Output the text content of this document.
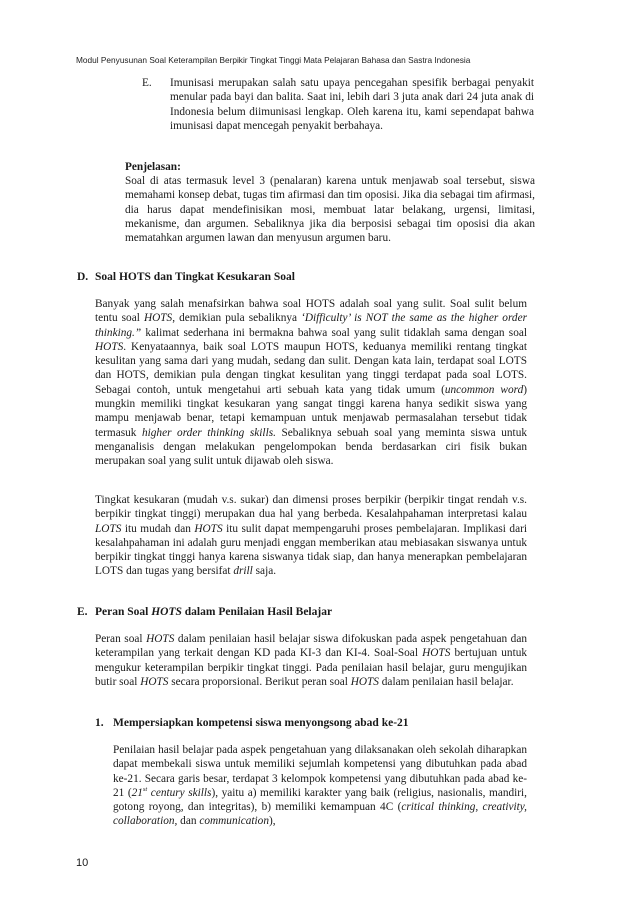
Modul Penyusunan Soal Keterampilan Berpikir Tingkat Tinggi Mata Pelajaran Bahasa dan Sastra Indonesia
E. Imunisasi merupakan salah satu upaya pencegahan spesifik berbagai penyakit menular pada bayi dan balita. Saat ini, lebih dari 3 juta anak dari 24 juta anak di Indonesia belum diimunisasi lengkap. Oleh karena itu, kami sependapat bahwa imunisasi dapat mencegah penyakit berbahaya.

Penjelasan:

Soal di atas termasuk level 3 (penalaran) karena untuk menjawab soal tersebut, siswa memahami konsep debat, tugas tim afirmasi dan tim oposisi. Jika dia sebagai tim afirmasi, dia harus dapat mendefinisikan mosi, membuat latar belakang, urgensi, limitasi, mekanisme, dan argumen. Sebaliknya jika dia berposisi sebagai tim oposisi dia akan mematahkan argumen lawan dan menyusun argumen baru.

D. Soal HOTS dan Tingkat Kesukaran Soal

Banyak yang salah menafsirkan bahwa soal HOTS adalah soal yang sulit. Soal sulit belum tentu soal HOTS, demikian pula sebaliknya ‘Difficulty’ is NOT the same as the higher order thinking.” kalimat sederhana ini bermakna bahwa soal yang sulit tidaklah sama dengan soal HOTS. Kenyataannya, baik soal LOTS maupun HOTS, keduanya memiliki rentang tingkat kesulitan yang sama dari yang mudah, sedang dan sulit. Dengan kata lain, terdapat soal LOTS dan HOTS, demikian pula dengan tingkat kesulitan yang tinggi terdapat pada soal LOTS. Sebagai contoh, untuk mengetahui arti sebuah kata yang tidak umum (uncommon word) mungkin memiliki tingkat kesukaran yang sangat tinggi karena hanya sedikit siswa yang mampu menjawab benar, tetapi kemampuan untuk menjawab permasalahan tersebut tidak termasuk higher order thinking skills. Sebaliknya sebuah soal yang meminta siswa untuk menganalisis dengan melakukan pengelompokan benda berdasarkan ciri fisik bukan merupakan soal yang sulit untuk dijawab oleh siswa.

Tingkat kesukaran (mudah v.s. sukar) dan dimensi proses berpikir (berpikir tingat rendah v.s. berpikir tingkat tinggi) merupakan dua hal yang berbeda. Kesalahpahaman interpretasi kalau LOTS itu mudah dan HOTS itu sulit dapat mempengaruhi proses pembelajaran. Implikasi dari kesalahpahaman ini adalah guru menjadi enggan memberikan atau mebiasakan siswanya untuk berpikir tingkat tinggi hanya karena siswanya tidak siap, dan hanya menerapkan pembelajaran LOTS dan tugas yang bersifat drill saja.

E. Peran Soal HOTS dalam Penilaian Hasil Belajar

Peran soal HOTS dalam penilaian hasil belajar siswa difokuskan pada aspek pengetahuan dan keterampilan yang terkait dengan KD pada KI-3 dan KI-4. Soal-Soal HOTS bertujuan untuk mengukur keterampilan berpikir tingkat tinggi. Pada penilaian hasil belajar, guru mengujikan butir soal HOTS secara proporsional. Berikut peran soal HOTS dalam penilaian hasil belajar.

1. Mempersiapkan kompetensi siswa menyongsong abad ke-21

Penilaian hasil belajar pada aspek pengetahuan yang dilaksanakan oleh sekolah diharapkan dapat membekali siswa untuk memiliki sejumlah kompetensi yang dibutuhkan pada abad ke-21. Secara garis besar, terdapat 3 kelompok kompetensi yang dibutuhkan pada abad ke-21 (21st century skills), yaitu a) memiliki karakter yang baik (religius, nasionalis, mandiri, gotong royong, dan integritas), b) memiliki kemampuan 4C (critical thinking, creativity, collaboration, dan communication),

10
